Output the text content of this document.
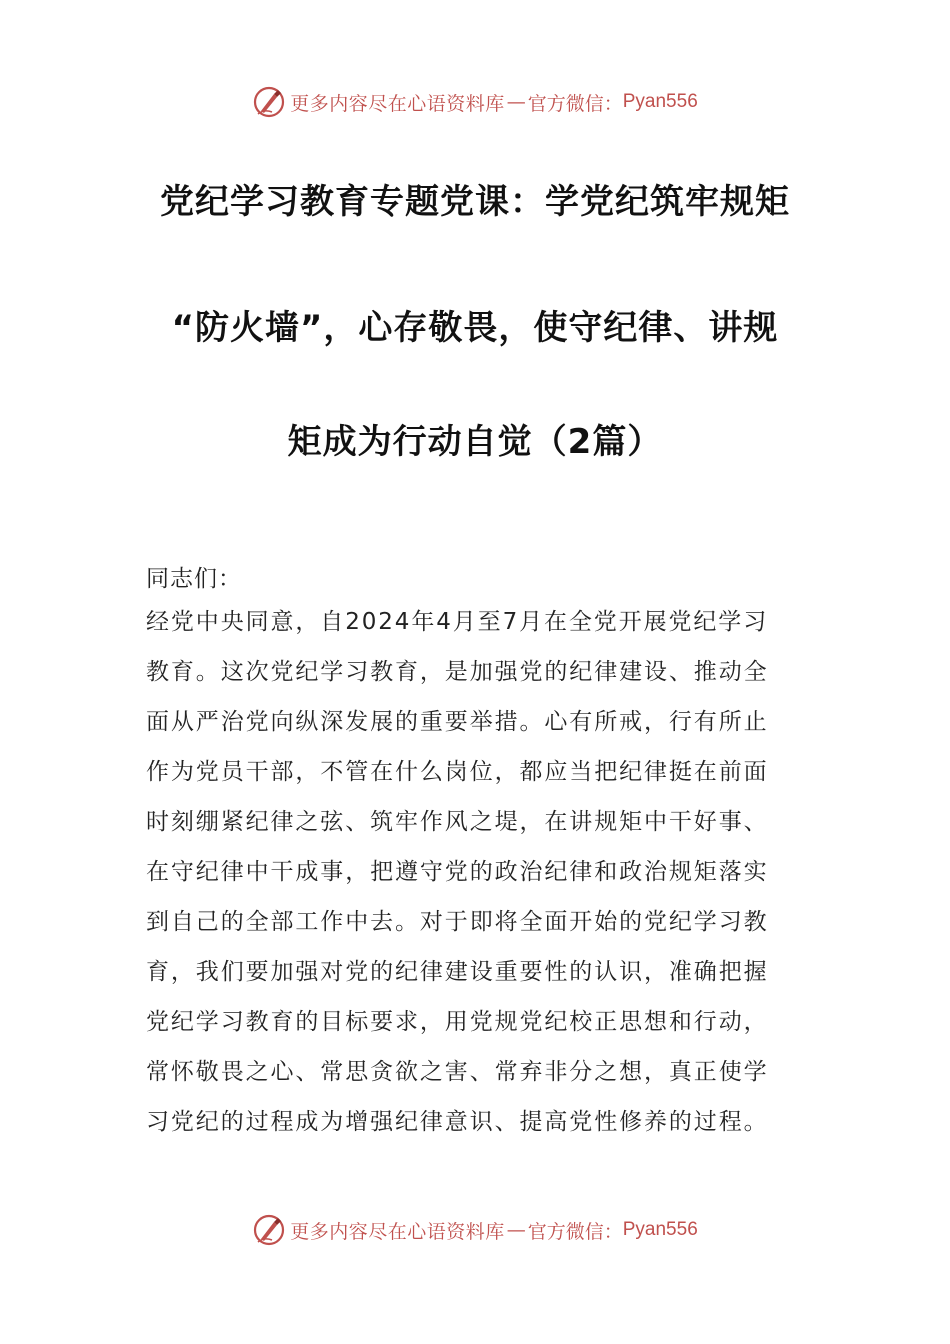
更多内容尽在心语资料库 — 官方微信： Pyan556
党纪学习教育专题党课：学党纪筑牢规矩
“防火墙”，心存敬畏，使守纪律、讲规
矩成为行动自觉（2篇）
同志们：
经党中央同意，自2024年4月至7月在全党开展党纪学习
教育。这次党纪学习教育，是加强党的纪律建设、推动全
面从严治党向纵深发展的重要举措。心有所戒，行有所止
作为党员干部，不管在什么岗位，都应当把纪律挺在前面
时刻绷紧纪律之弦、筑牢作风之堤，在讲规矩中干好事、
在守纪律中干成事，把遵守党的政治纪律和政治规矩落实
到自己的全部工作中去。对于即将全面开始的党纪学习教
育，我们要加强对党的纪律建设重要性的认识，准确把握
党纪学习教育的目标要求，用党规党纪校正思想和行动，
常怀敬畏之心、常思贪欲之害、常弃非分之想，真正使学
习党纪的过程成为增强纪律意识、提高党性修养的过程。
更多内容尽在心语资料库 — 官方微信： Pyan556
